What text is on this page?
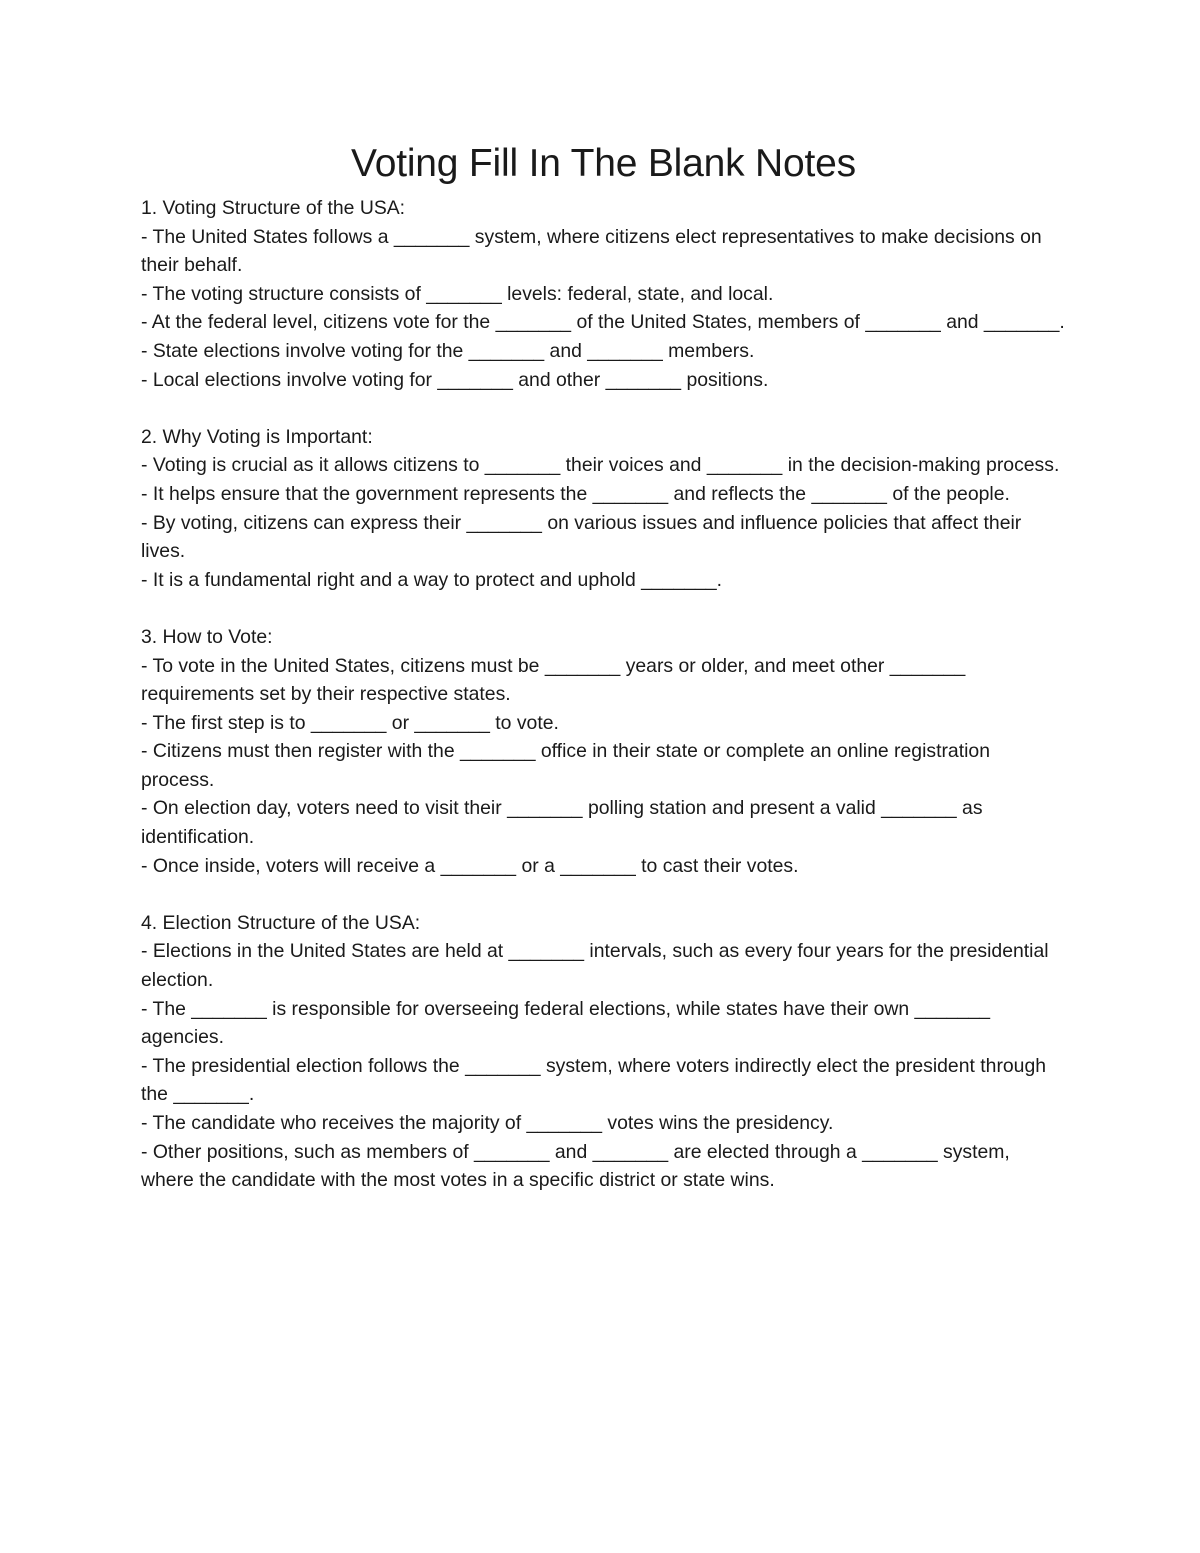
Voting Fill In The Blank Notes

1. Voting Structure of the USA:

- The United States follows a _______ system, where citizens elect representatives to make decisions on their behalf.

- The voting structure consists of _______ levels: federal, state, and local.

- At the federal level, citizens vote for the _______ of the United States, members of _______ and _______.

- State elections involve voting for the _______ and _______ members.

- Local elections involve voting for _______ and other _______ positions.

2. Why Voting is Important:

- Voting is crucial as it allows citizens to _______ their voices and _______ in the decision-making process.

- It helps ensure that the government represents the _______ and reflects the _______ of the people.

- By voting, citizens can express their _______ on various issues and influence policies that affect their lives.

- It is a fundamental right and a way to protect and uphold _______.

3. How to Vote:

- To vote in the United States, citizens must be _______ years or older, and meet other _______ requirements set by their respective states.

- The first step is to _______ or _______ to vote.

- Citizens must then register with the _______ office in their state or complete an online registration process.

- On election day, voters need to visit their _______ polling station and present a valid _______ as identification.

- Once inside, voters will receive a _______ or a _______ to cast their votes.

4. Election Structure of the USA:

- Elections in the United States are held at _______ intervals, such as every four years for the presidential election.

- The _______ is responsible for overseeing federal elections, while states have their own _______ agencies.

- The presidential election follows the _______ system, where voters indirectly elect the president through the _______.

- The candidate who receives the majority of _______ votes wins the presidency.

- Other positions, such as members of _______ and _______ are elected through a _______ system, where the candidate with the most votes in a specific district or state wins.
